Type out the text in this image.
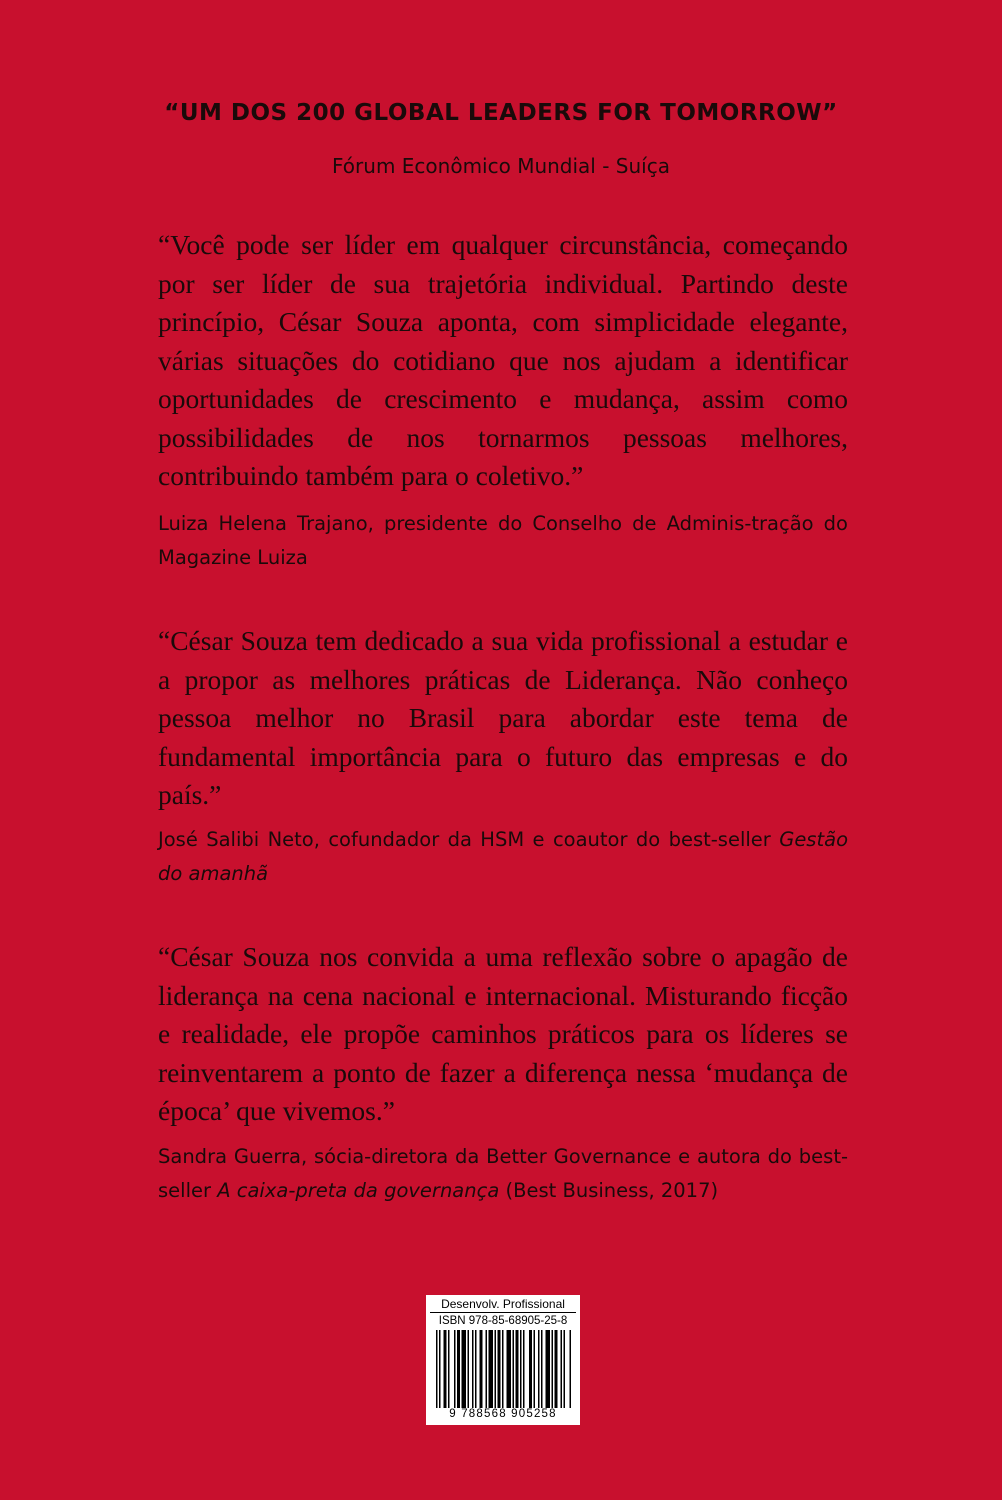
“UM DOS 200 GLOBAL LEADERS FOR TOMORROW”
Fórum Econômico Mundial - Suíça
“Você pode ser líder em qualquer circunstância, começando por ser líder de sua trajetória individual. Partindo deste princípio, César Souza aponta, com simplicidade elegante, várias situações do cotidiano que nos ajudam a identificar oportunidades de crescimento e mudança, assim como possibilidades de nos tornarmos pessoas melhores, contribuindo também para o coletivo.”
Luiza Helena Trajano, presidente do Conselho de Adminis-tração do Magazine Luiza
“César Souza tem dedicado a sua vida profissional a estudar e a propor as melhores práticas de Liderança. Não conheço pessoa melhor no Brasil para abordar este tema de fundamental importância para o futuro das empresas e do país.”
José Salibi Neto, cofundador da HSM e coautor do best-seller Gestão do amanhã
“César Souza nos convida a uma reflexão sobre o apagão de liderança na cena nacional e internacional. Misturando ficção e realidade, ele propõe caminhos práticos para os líderes se reinventarem a ponto de fazer a diferença nessa ‘mudança de época’ que vivemos.”
Sandra Guerra, sócia-diretora da Better Governance e autora do best-seller A caixa-preta da governança (Best Business, 2017)
Desenvolv. Profissional
ISBN 978-85-68905-25-8
9 788568 905258
